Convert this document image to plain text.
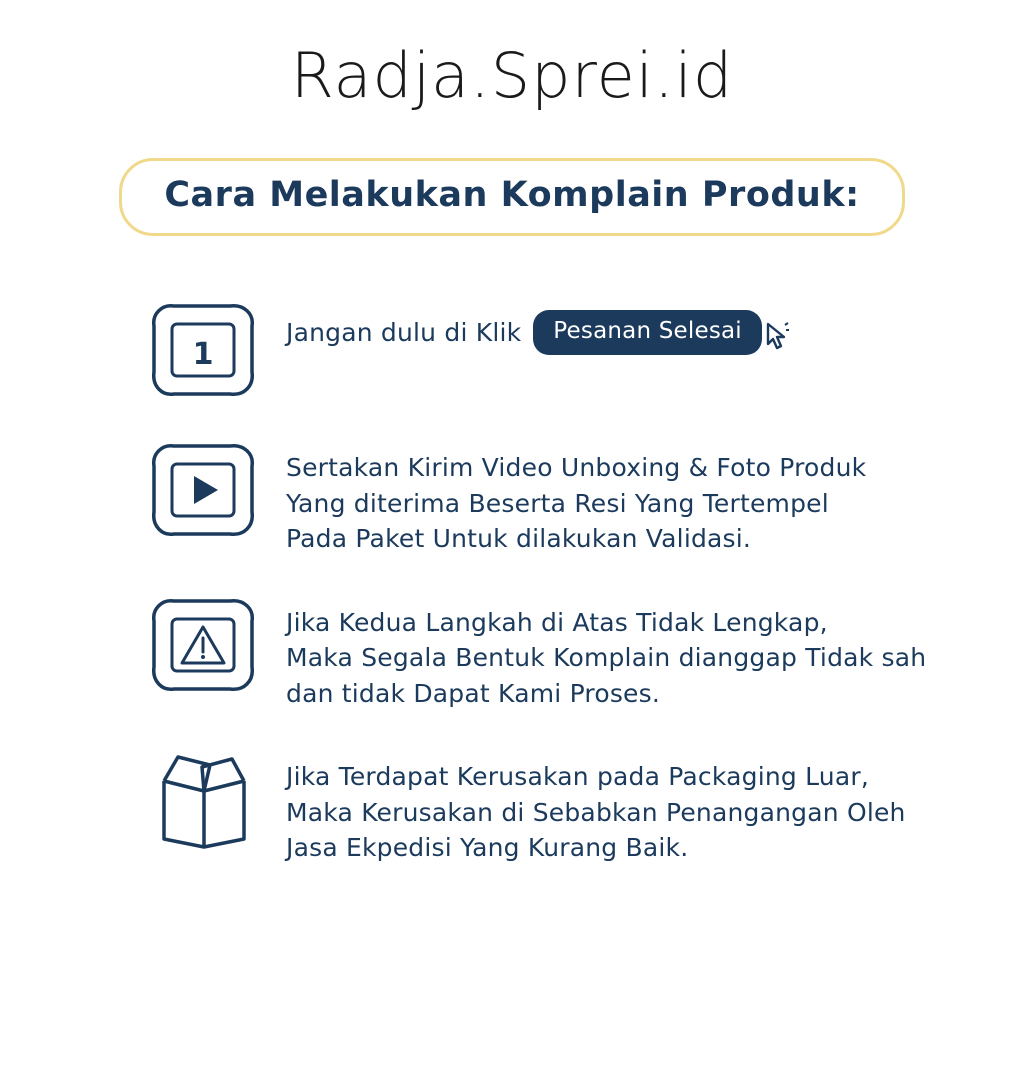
Radja.Sprei.id
Cara Melakukan Komplain Produk:
1
Jangan dulu di Klik	Pesanan Selesai
Sertakan Kirim Video Unboxing & Foto Produk
Yang diterima Beserta Resi Yang Tertempel
Pada Paket Untuk dilakukan Validasi.
Jika Kedua Langkah di Atas Tidak Lengkap,
Maka Segala Bentuk Komplain dianggap Tidak sah
dan tidak Dapat Kami Proses.
Jika Terdapat Kerusakan pada Packaging Luar,
Maka Kerusakan di Sebabkan Penangangan Oleh
Jasa Ekpedisi Yang Kurang Baik.
